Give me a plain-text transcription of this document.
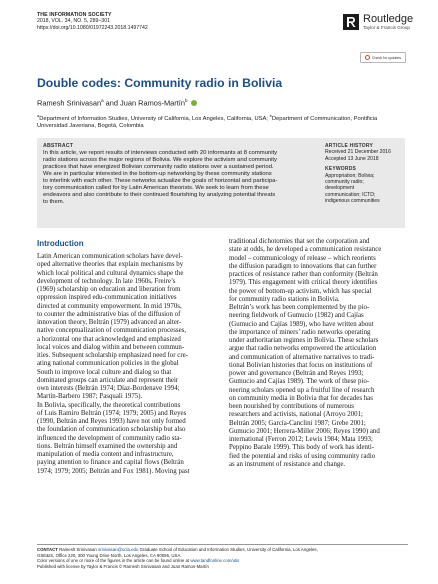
THE INFORMATION SOCIETY
2018, VOL. 34, NO. 5, 289–301
https://doi.org/10.1080/01972243.2018.1497742
Routledge
Taylor & Francis Group
Check for updates
Double codes: Community radio in Bolivia
Ramesh Srinivasan$^a$ and Juan Ramos-Martín$^b$
$^a$Department of Information Studies, University of California, Los Angeles, California, USA; $^b$Department of Communication, Pontificia
Universidad Javeriana, Bogotá, Colombia
ABSTRACT
In this article, we report results of interviews conducted with 20 informants at 8 community
radio stations across the major regions of Bolivia. We explore the activism and community
practices that have energized Bolivian community radio stations over a sustained period.
We are in particular interested in the bottom-up networking by these community stations
to interlink with each other. These networks actualize the goals of horizontal and participa-
tory communication called for by Latin American theorists. We seek to learn from these
endeavors and also contribute to their continued flourishing by analyzing potential threats
to them.
ARTICLE HISTORY
Received 21 December 2016
Accepted 13 June 2018
KEYWORDS
Appropriation; Bolivia;
community radio;
development
communication; ICTD;
indigenous communities
Introduction
Latin American communication scholars have devel-
oped alternative theories that explain mechanisms by
which local political and cultural dynamics shape the
development of technology. In late 1960s, Freire’s
(1969) scholarship on education and liberation from
oppression inspired edu-communication initiatives
directed at community empowerment. In mid 1970s,
to counter the administrative bias of the diffusion of
innovation theory, Beltrán (1979) advanced an alter-
native conceptualization of communication processes,
a horizontal one that acknowledged and emphasized
local voices and dialog within and between commun-
ities. Subsequent scholarship emphasized need for cre-
ating national communication policies in the global
South to improve local culture and dialog so that
dominated groups can articulate and represent their
own interests (Beltrán 1974; Díaz-Bordenave 1994;
Martín-Barbero 1987; Pasquali 1975).
In Bolivia, specifically, the theoretical contributions
of Luis Ramiro Beltrán (1974; 1979; 2005) and Reyes
(1990, Beltrán and Reyes 1993) have not only formed
the foundation of communication scholarship but also
influenced the development of community radio sta-
tions. Beltrán himself examined the ownership and
manipulation of media content and infrastructure,
paying attention to finance and capital flows (Beltrán
1974; 1979; 2005; Beltrán and Fox 1981). Moving past
traditional dichotomies that set the corporation and
state at odds, he developed a communication resistance
model – communicology of release – which reorients
the diffusion paradigm to innovations that can further
practices of resistance rather than conformity (Beltrán
1979). This engagement with critical theory identifies
the power of bottom-up activism, which has special
for community radio stations in Bolivia.
Beltrán’s work has been complemented by the pio-
neering fieldwork of Gumucio (1982) and Cajías
(Gumucio and Cajías 1989), who have written about
the importance of miners’ radio networks operating
under authoritarian regimes in Bolivia. These scholars
argue that radio networks empowered the articulation
and communication of alternative narratives to tradi-
tional Bolivian histories that focus on institutions of
power and governance (Beltrán and Reyes 1993;
Gumucio and Cajías 1989). The work of these pio-
neering scholars opened up a fruitful line of research
on community media in Bolivia that for decades has
been nourished by contributions of numerous
researchers and activists, national (Arroyo 2001;
Beltrán 2005; García-Canclini 1987; Grebe 2001;
Gumucio 2001; Herrera-Miller 2006; Reyes 1990) and
international (Ferron 2012; Lewis 1984; Mata 1993;
Peppino Barale 1999). This body of work has identi-
fied the potential and risks of using community radio
as an instrument of resistance and change.
CONTACT Ramesh Srinivasan srinivasan@ucla.edu Graduate School of Education and Information Studies, University of California, Los Angeles,
GSE&IS, Office 220, 300 Young Drive North, Los Angeles, CA 90095, USA.
Color versions of one or more of the figures in the article can be found online at www.tandfonline.com/utis
Published with license by Taylor & Francis © Ramesh Srinivasan and Juan Ramos-Martín
